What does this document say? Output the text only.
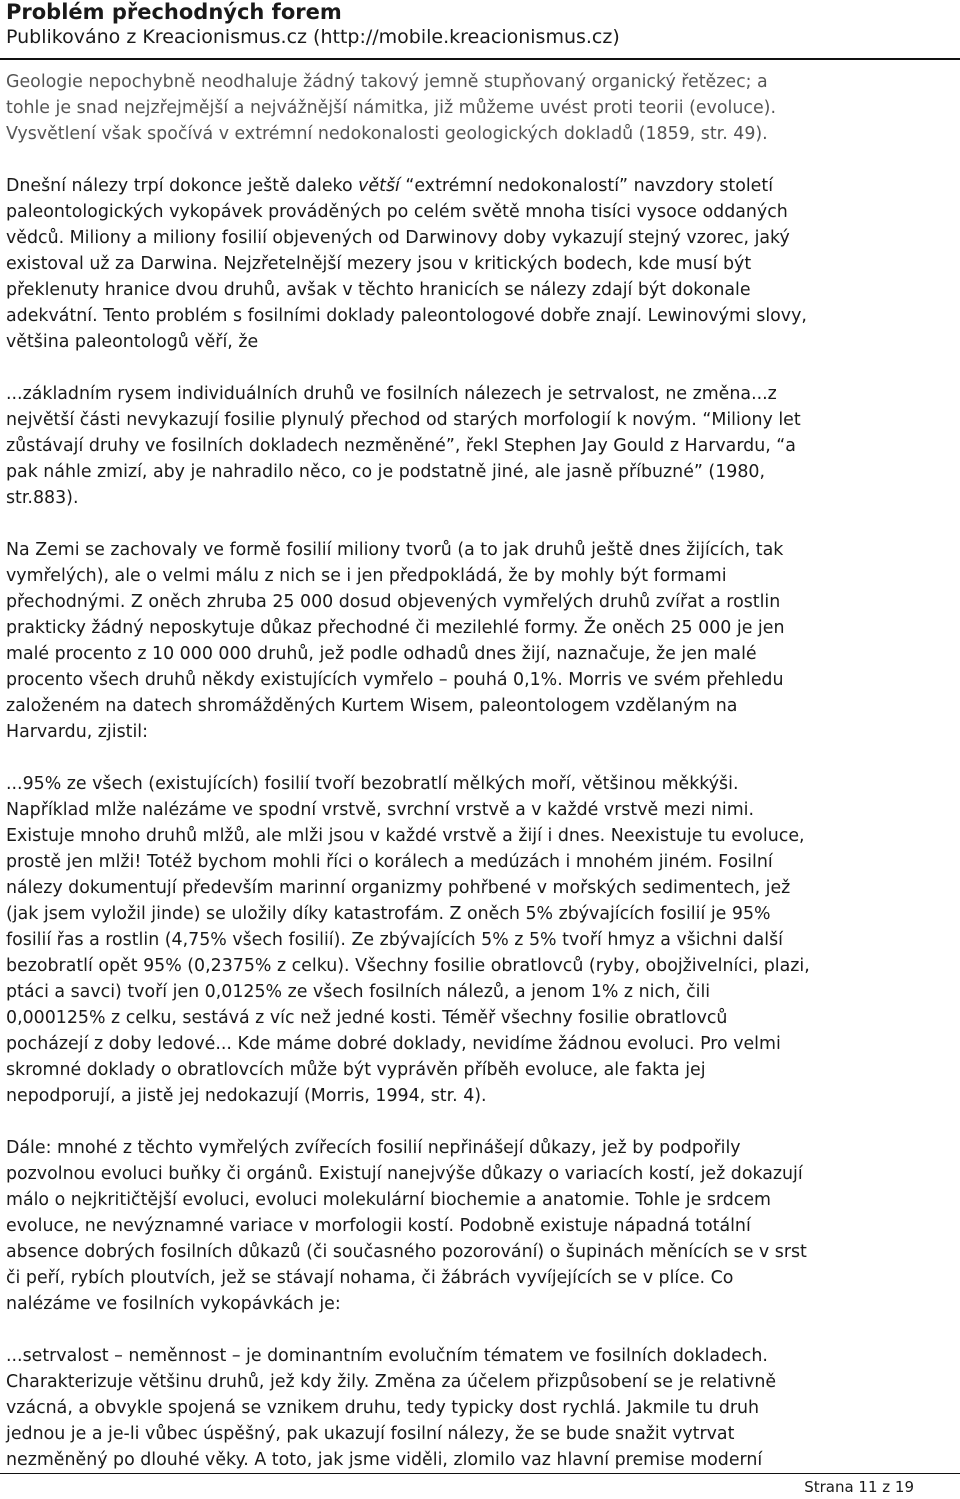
Problém přechodných forem
Publikováno z Kreacionismus.cz (http://mobile.kreacionismus.cz)

Geologie nepochybně neodhaluje žádný takový jemně stupňovaný organický řetězec; a
tohle je snad nejzřejmější a nejvážnější námitka, již můžeme uvést proti teorii (evoluce).
Vysvětlení však spočívá v extrémní nedokonalosti geologických dokladů (1859, str. 49).

Dnešní nálezy trpí dokonce ještě daleko větší “extrémní nedokonalostí” navzdory století
paleontologických vykopávek prováděných po celém světě mnoha tisíci vysoce oddaných
vědců. Miliony a miliony fosilií objevených od Darwinovy doby vykazují stejný vzorec, jaký
existoval už za Darwina. Nejzřetelnější mezery jsou v kritických bodech, kde musí být
překlenuty hranice dvou druhů, avšak v těchto hranicích se nálezy zdají být dokonale
adekvátní. Tento problém s fosilními doklady paleontologové dobře znají. Lewinovými slovy,
většina paleontologů věří, že

...základním rysem individuálních druhů ve fosilních nálezech je setrvalost, ne změna...z
největší části nevykazují fosilie plynulý přechod od starých morfologií k novým. “Miliony let
zůstávají druhy ve fosilních dokladech nezměněné”, řekl Stephen Jay Gould z Harvardu, “a
pak náhle zmizí, aby je nahradilo něco, co je podstatně jiné, ale jasně příbuzné” (1980,
str.883).

Na Zemi se zachovaly ve formě fosilií miliony tvorů (a to jak druhů ještě dnes žijících, tak
vymřelých), ale o velmi málu z nich se i jen předpokládá, že by mohly být formami
přechodnými. Z oněch zhruba 25 000 dosud objevených vymřelých druhů zvířat a rostlin
prakticky žádný neposkytuje důkaz přechodné či mezilehlé formy. Že oněch 25 000 je jen
malé procento z 10 000 000 druhů, jež podle odhadů dnes žijí, naznačuje, že jen malé
procento všech druhů někdy existujících vymřelo – pouhá 0,1%. Morris ve svém přehledu
založeném na datech shromážděných Kurtem Wisem, paleontologem vzdělaným na
Harvardu, zjistil:

...95% ze všech (existujících) fosilií tvoří bezobratlí mělkých moří, většinou měkkýši.
Například mlže nalézáme ve spodní vrstvě, svrchní vrstvě a v každé vrstvě mezi nimi.
Existuje mnoho druhů mlžů, ale mlži jsou v každé vrstvě a žijí i dnes. Neexistuje tu evoluce,
prostě jen mlži! Totéž bychom mohli říci o korálech a medúzách i mnohém jiném. Fosilní
nálezy dokumentují především marinní organizmy pohřbené v mořských sedimentech, jež
(jak jsem vyložil jinde) se uložily díky katastrofám. Z oněch 5% zbývajících fosilií je 95%
fosilií řas a rostlin (4,75% všech fosilií). Ze zbývajících 5% z 5% tvoří hmyz a všichni další
bezobratlí opět 95% (0,2375% z celku). Všechny fosilie obratlovců (ryby, obojživelníci, plazi,
ptáci a savci) tvoří jen 0,0125% ze všech fosilních nálezů, a jenom 1% z nich, čili
0,000125% z celku, sestává z víc než jedné kosti. Téměř všechny fosilie obratlovců
pocházejí z doby ledové... Kde máme dobré doklady, nevidíme žádnou evoluci. Pro velmi
skromné doklady o obratlovcích může být vyprávěn příběh evoluce, ale fakta jej
nepodporují, a jistě jej nedokazují (Morris, 1994, str. 4).

Dále: mnohé z těchto vymřelých zvířecích fosilií nepřinášejí důkazy, jež by podpořily
pozvolnou evoluci buňky či orgánů. Existují nanejvýše důkazy o variacích kostí, jež dokazují
málo o nejkritičtější evoluci, evoluci molekulární biochemie a anatomie. Tohle je srdcem
evoluce, ne nevýznamné variace v morfologii kostí. Podobně existuje nápadná totální
absence dobrých fosilních důkazů (či současného pozorování) o šupinách měnících se v srst
či peří, rybích ploutvích, jež se stávají nohama, či žábrách vyvíjejících se v plíce. Co
nalézáme ve fosilních vykopávkách je:

...setrvalost – neměnnost – je dominantním evolučním tématem ve fosilních dokladech.
Charakterizuje většinu druhů, jež kdy žily. Změna za účelem přizpůsobení se je relativně
vzácná, a obvykle spojená se vznikem druhu, tedy typicky dost rychlá. Jakmile tu druh
jednou je a je-li vůbec úspěšný, pak ukazují fosilní nálezy, že se bude snažit vytrvat
nezměněný po dlouhé věky. A toto, jak jsme viděli, zlomilo vaz hlavní premise moderní

Strana 11 z 19
